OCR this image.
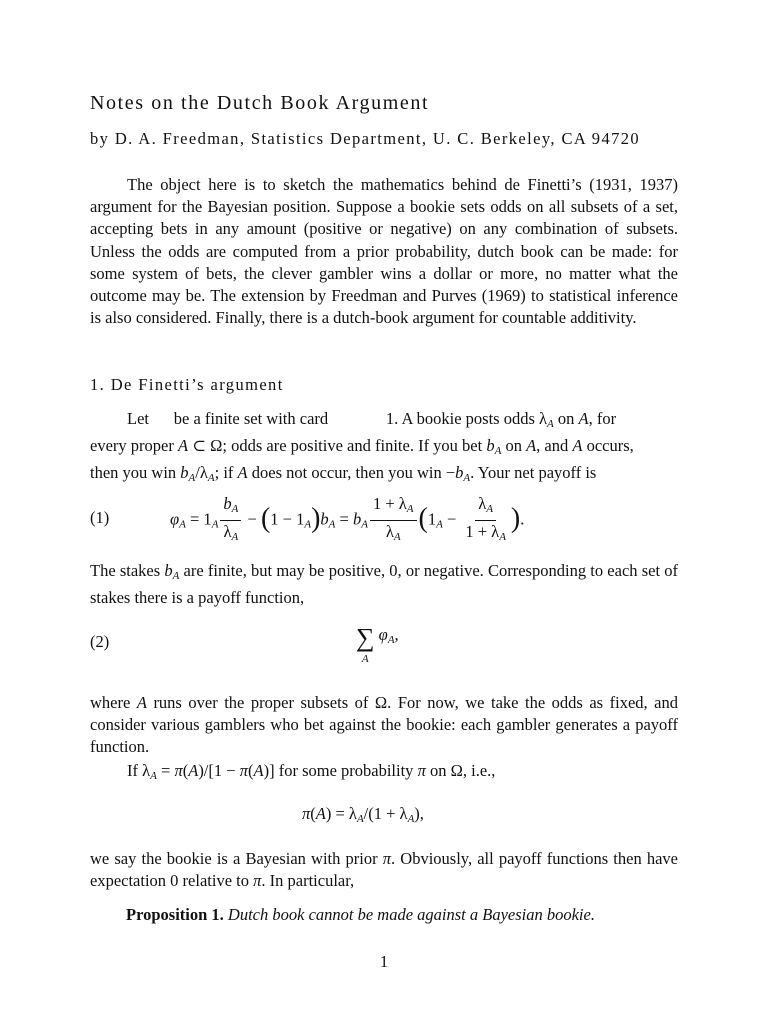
Notes on the Dutch Book Argument
by D. A. Freedman, Statistics Department, U. C. Berkeley, CA 94720

The object here is to sketch the mathematics behind de Finetti’s (1931, 1937) argument for the Bayesian position. Suppose a bookie sets odds on all subsets of a set, accepting bets in any amount (positive or negative) on any combination of subsets. Unless the odds are computed from a prior probability, dutch book can be made: for some system of bets, the clever gambler wins a dollar or more, no matter what the outcome may be. The extension by Freedman and Purves (1969) to statistical inference is also considered. Finally, there is a dutch-book argument for countable additivity.

1. De Finetti’s argument
Let be a finite set with card	1. A bookie posts odds $\lambda_A$ on A, for
every proper A ⊂ Ω; odds are positive and finite. If you bet $b_A$ on A, and A occurs,
then you win $b_A/\lambda_A$; if A does not occur, then you win $-b_A$. Your net payoff is
(1)	$\varphi_A = 1_A \frac{b_A}{\lambda_A} - (1 - 1_A)b_A = b_A \frac{1 + \lambda_A}{\lambda_A} (1_A - \frac{\lambda_A}{1 + \lambda_A}$ ).

The stakes $b_A$ are finite, but may be positive, 0, or negative. Corresponding to each set of stakes there is a payoff function,

(2)	∑
A
$\varphi_A$,

where A runs over the proper subsets of Ω. For now, we take the odds as fixed, and consider various gamblers who bet against the bookie: each gambler generates a payoff function.

If $\lambda_A = \pi(A)/[1 - \pi(A)]$ for some probability π on Ω, i.e.,
$\pi(A) = \lambda_A/(1 + \lambda_A)$,

we say the bookie is a Bayesian with prior π. Obviously, all payoff functions then have expectation 0 relative to π. In particular,

Proposition 1. Dutch book cannot be made against a Bayesian bookie.
1
